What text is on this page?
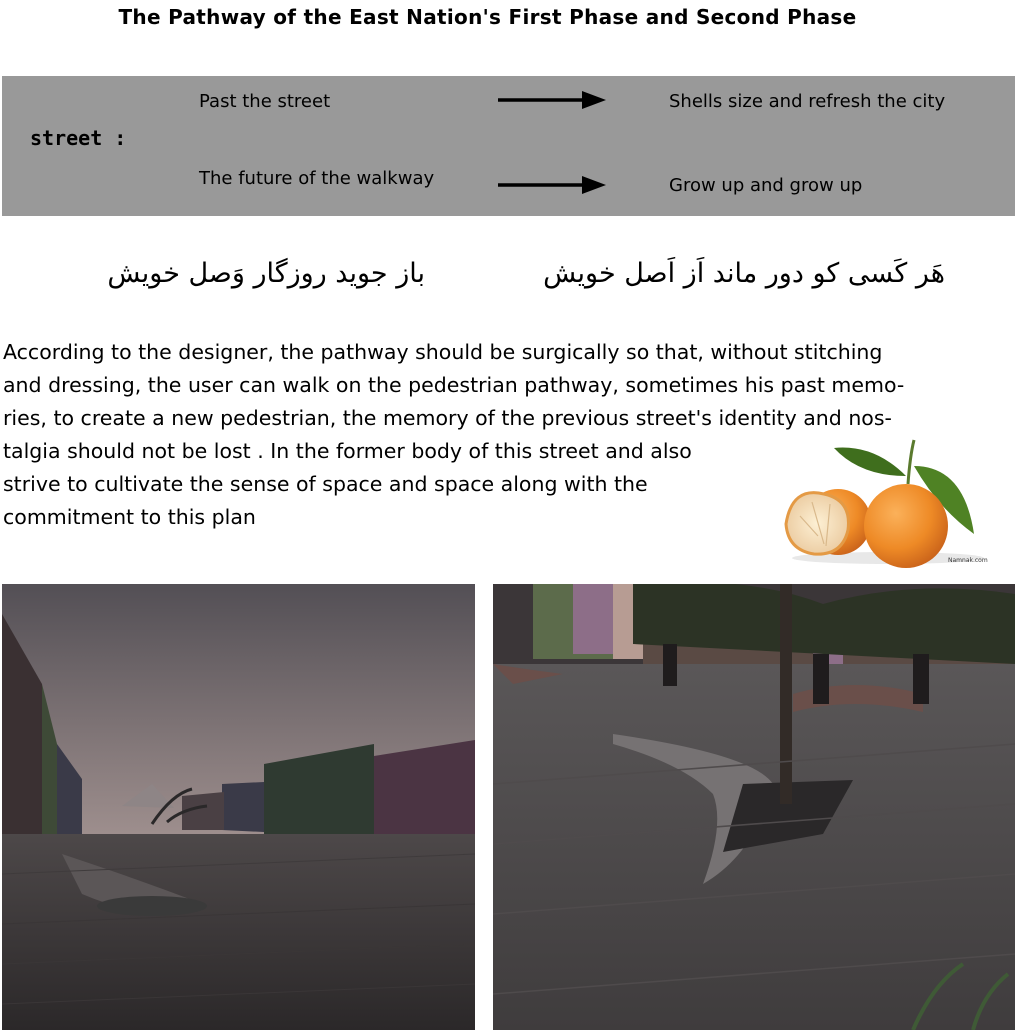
The Pathway of the East Nation's First Phase and Second Phase
street :
Past the street	Shells size and refresh the city
The future of the walkway	Grow up and grow up
هَر کَسی کو دور ماند اَز اَصل خویش
باز جوید روزگار وَصل خویش
According to the designer, the pathway should be surgically so that, without stitching
and dressing, the user can walk on the pedestrian pathway, sometimes his past memo-
ries, to create a new pedestrian, the memory of the previous street's identity and nos-
talgia should not be lost . In the former body of this street and also
strive to cultivate the sense of space and space along with the
commitment to this plan
Namnak.com
